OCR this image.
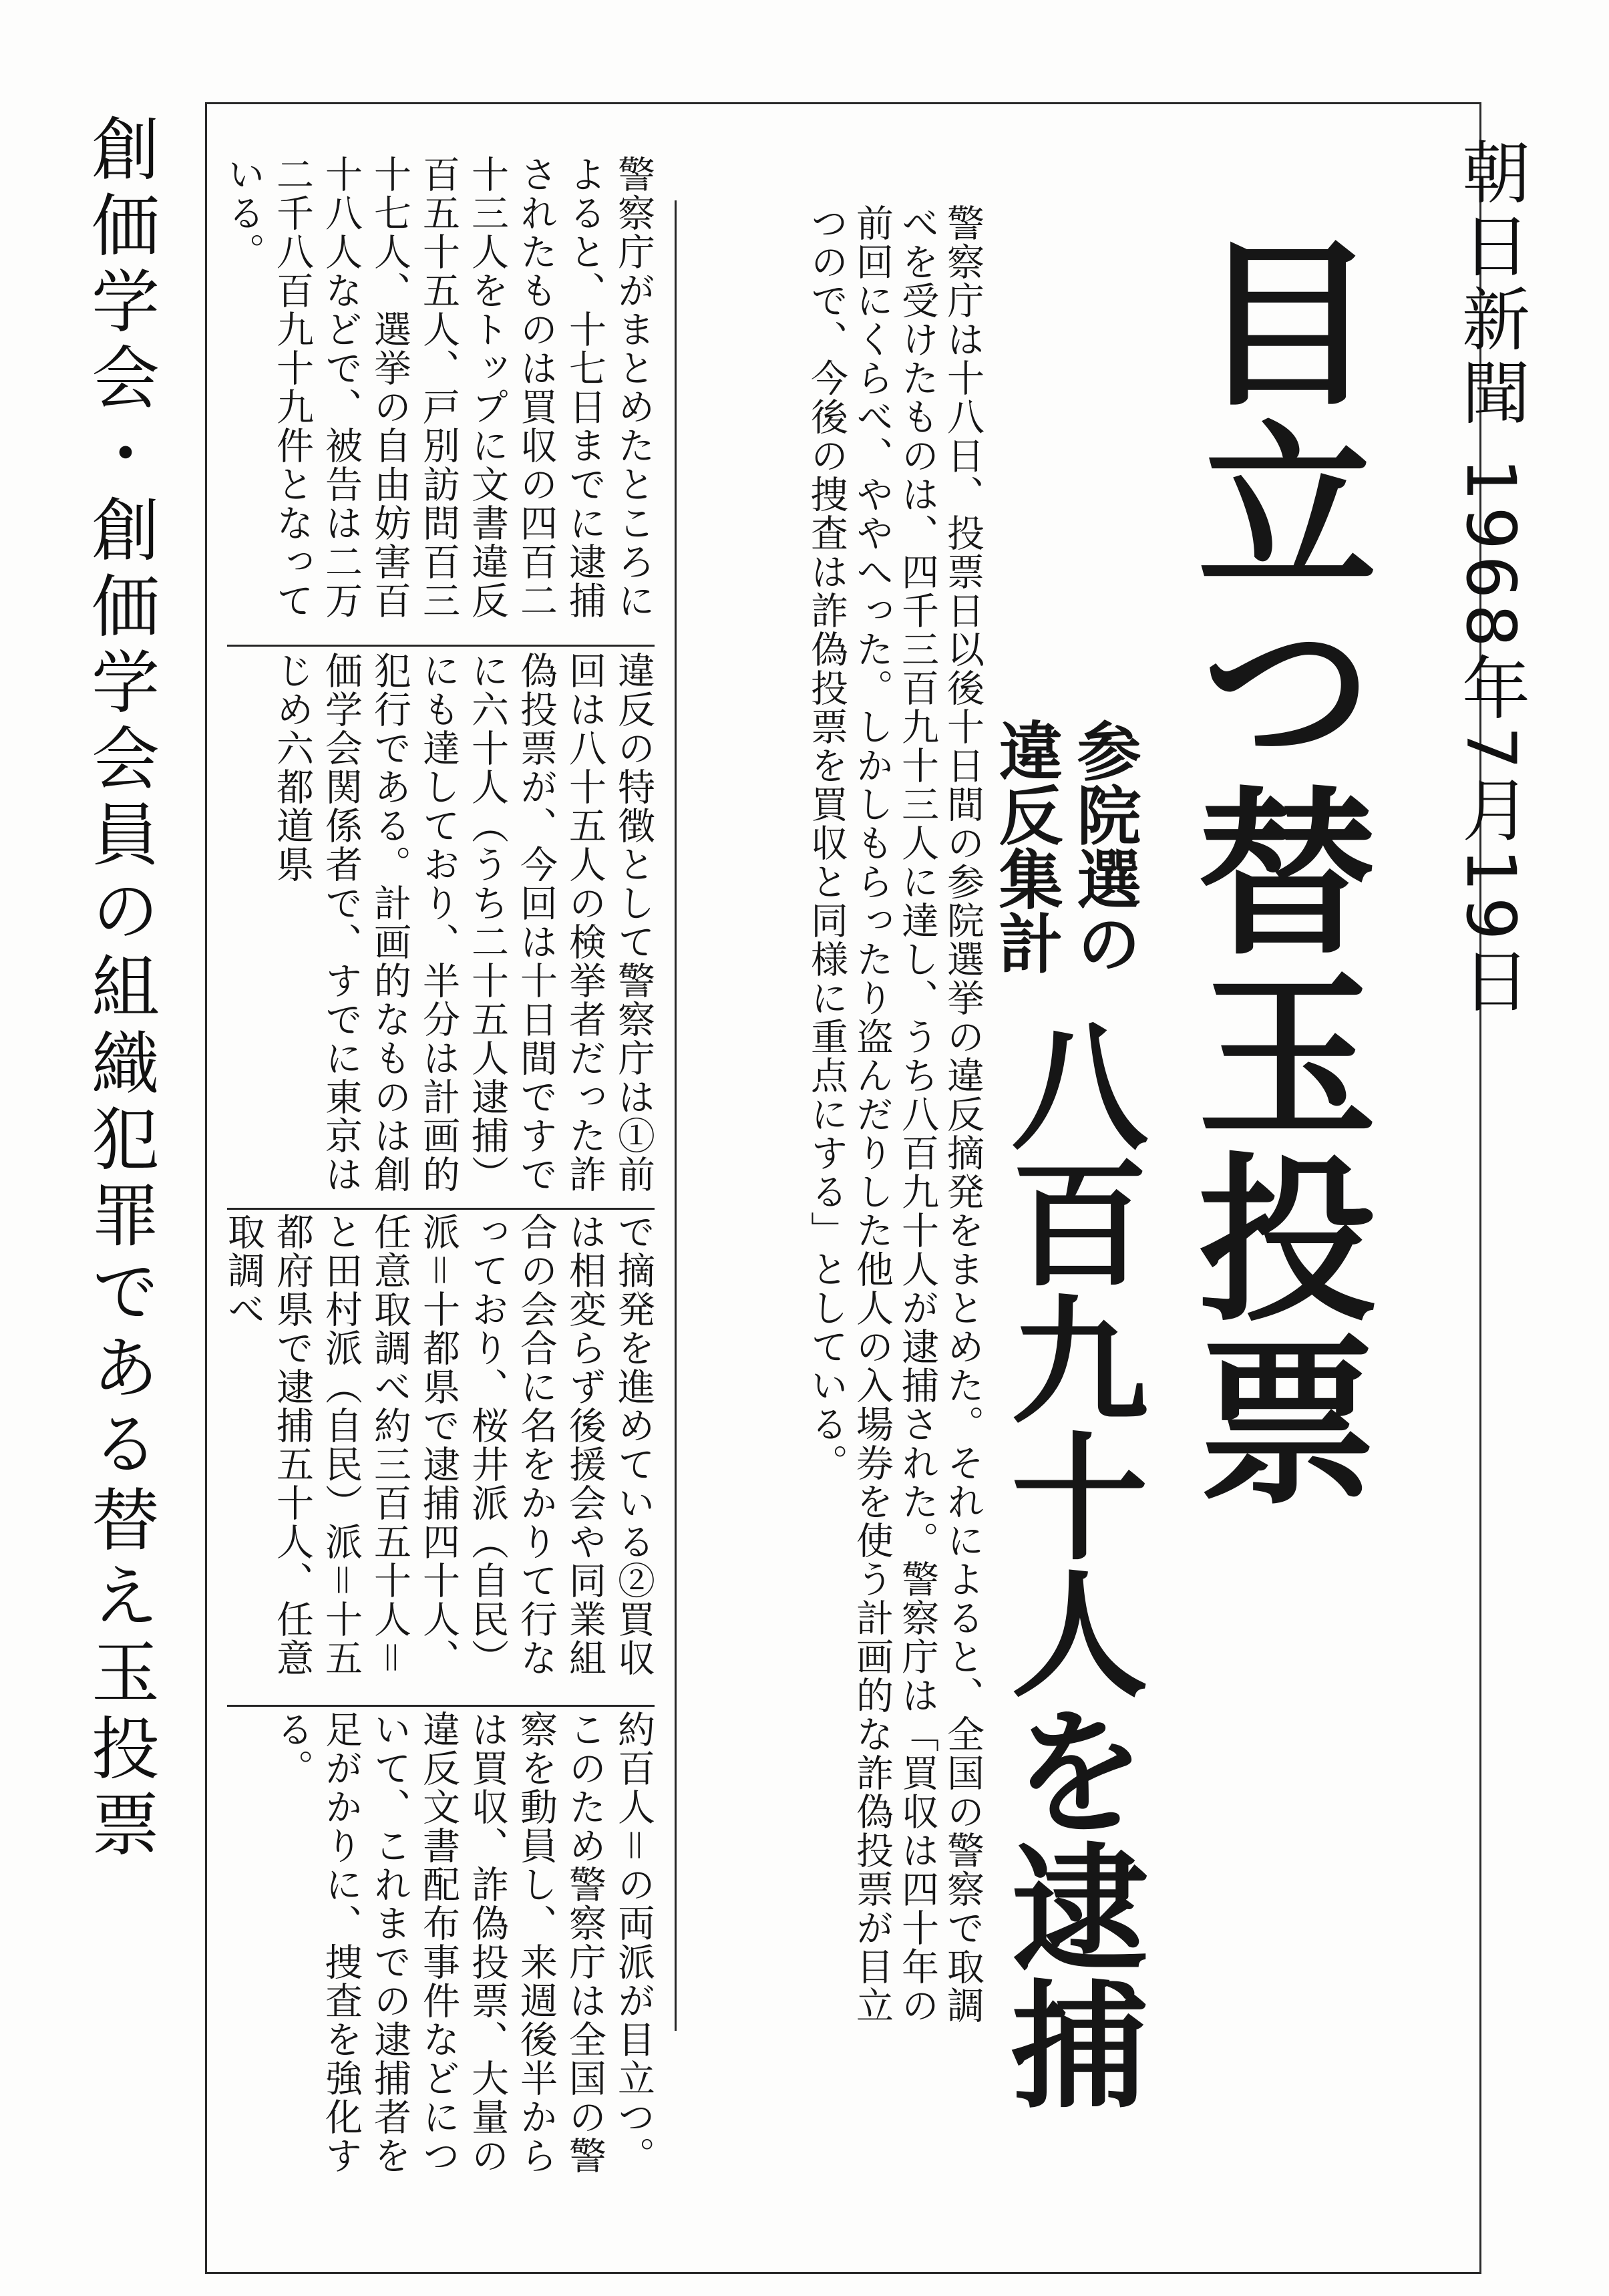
朝日新聞 1968年7月19日
創価学会・創価学会員の組織犯罪である替え玉投票	目立つ替玉投票
八百九十人を逮捕
参院選の
違反集計
警察庁は十八日、投票日以後十日間の参院選挙の違反摘発をまとめた。それによると、全国の警察で取調べを受けたものは、四千三百九十三人に達し、うち八百九十人が逮捕された。警察庁は「買収は四十年の前回にくらべ、ややへった。しかしもらったり盗んだりした他人の入場券を使う計画的な詐偽投票が目立つので、今後の捜査は詐偽投票を買収と同様に重点にする」としている。
警察庁がまとめたところによると、十七日までに逮捕されたものは買収の四百二十三人をトップに文書違反百五十五人、戸別訪問百三十七人、選挙の自由妨害百十八人などで、被告は二万二千八百九十九件となっている。
違反の特徴として警察庁は①前回は八十五人の検挙者だった詐偽投票が、今回は十日間ですでに六十人（うち二十五人逮捕）にも達しており、半分は計画的犯行である。計画的なものは創価学会関係者で、すでに東京はじめ六都道県
で摘発を進めている②買収は相変らず後援会や同業組合の会合に名をかりて行なっており、桜井派（自民）派＝十都県で逮捕四十人、任意取調べ約三百五十人＝と田村派（自民）派＝十五都府県で逮捕五十人、任意取調べ
約百人＝の両派が目立つ。このため警察庁は全国の警察を動員し、来週後半からは買収、詐偽投票、大量の違反文書配布事件などについて、これまでの逮捕者を足がかりに、捜査を強化する。
